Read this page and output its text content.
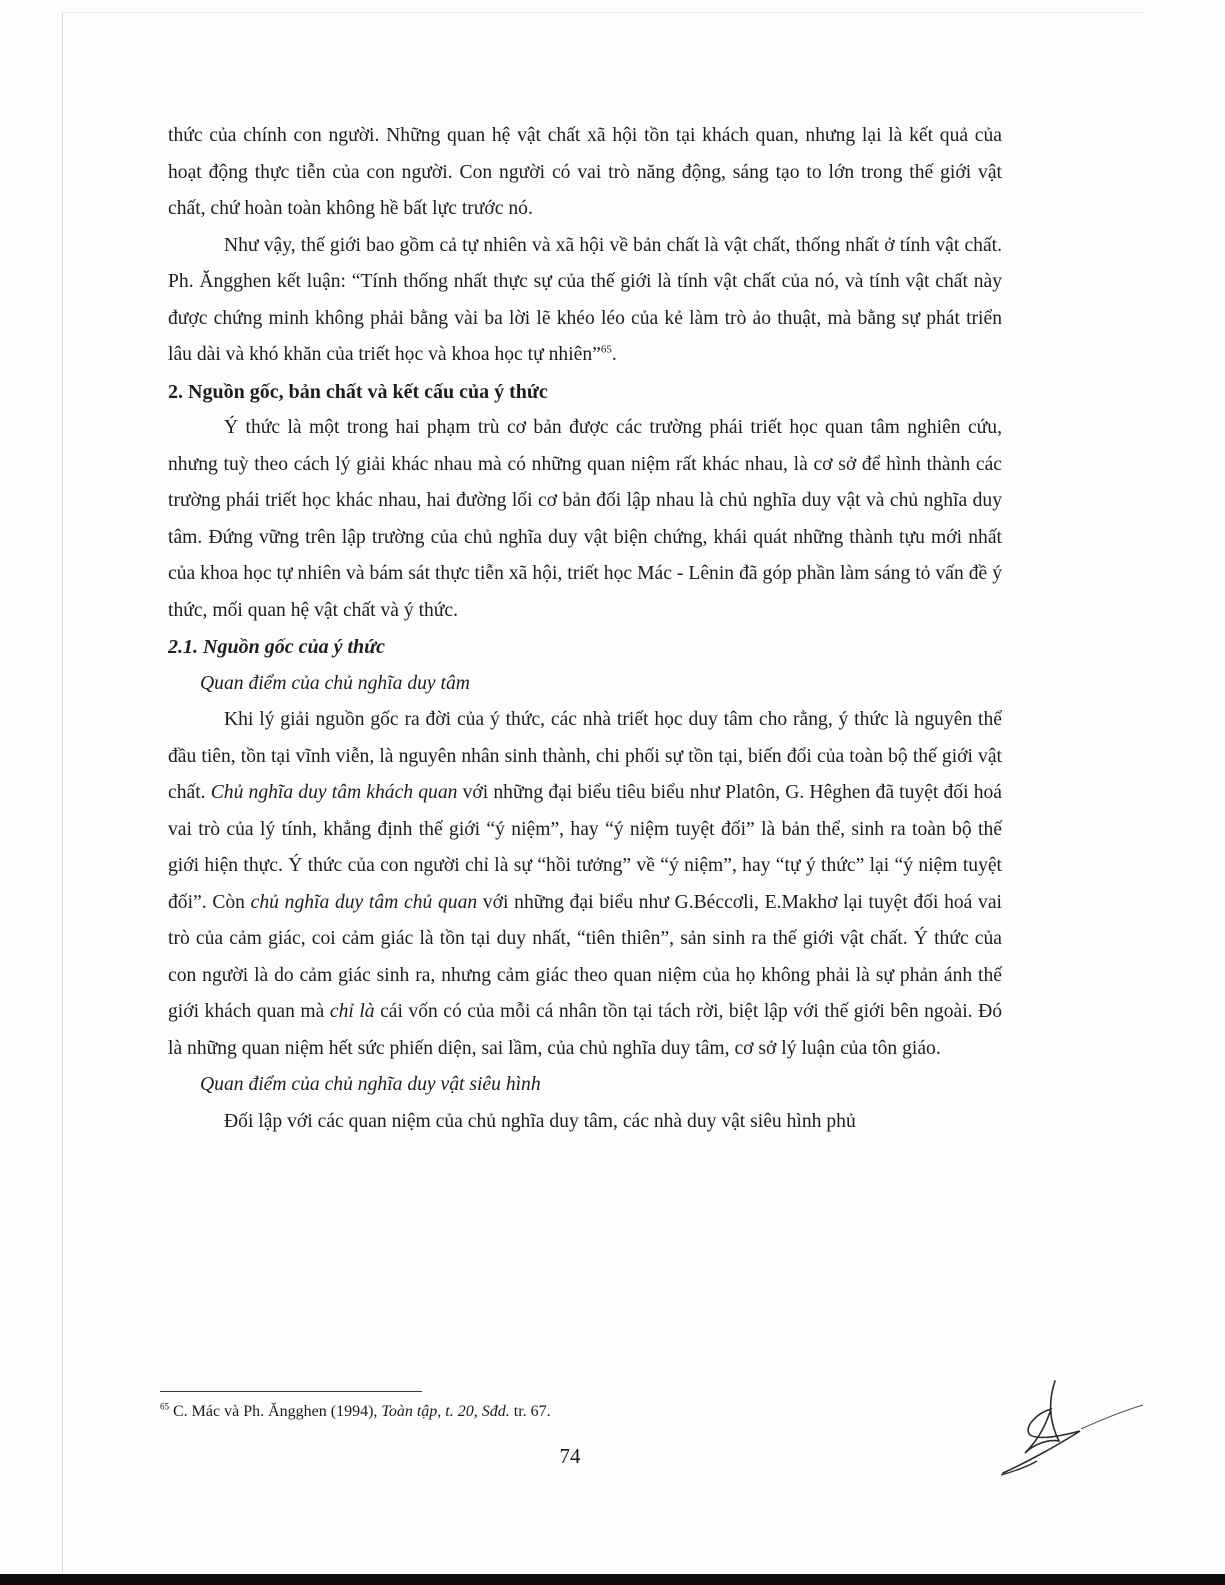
thức của chính con người. Những quan hệ vật chất xã hội tồn tại khách quan, nhưng lại là kết quả của hoạt động thực tiễn của con người. Con người có vai trò năng động, sáng tạo to lớn trong thế giới vật chất, chứ hoàn toàn không hề bất lực trước nó.

Như vậy, thế giới bao gồm cả tự nhiên và xã hội về bản chất là vật chất, thống nhất ở tính vật chất. Ph. Ăngghen kết luận: “Tính thống nhất thực sự của thế giới là tính vật chất của nó, và tính vật chất này được chứng minh không phải bằng vài ba lời lẽ khéo léo của kẻ làm trò ảo thuật, mà bằng sự phát triển lâu dài và khó khăn của triết học và khoa học tự nhiên”$^{65}$.

2. Nguồn gốc, bản chất và kết cấu của ý thức

Ý thức là một trong hai phạm trù cơ bản được các trường phái triết học quan tâm nghiên cứu, nhưng tuỳ theo cách lý giải khác nhau mà có những quan niệm rất khác nhau, là cơ sở để hình thành các trường phái triết học khác nhau, hai đường lối cơ bản đối lập nhau là chủ nghĩa duy vật và chủ nghĩa duy tâm. Đứng vững trên lập trường của chủ nghĩa duy vật biện chứng, khái quát những thành tựu mới nhất của khoa học tự nhiên và bám sát thực tiễn xã hội, triết học Mác - Lênin đã góp phần làm sáng tỏ vấn đề ý thức, mối quan hệ vật chất và ý thức.

2.1. Nguồn gốc của ý thức

Quan điểm của chủ nghĩa duy tâm

Khi lý giải nguồn gốc ra đời của ý thức, các nhà triết học duy tâm cho rằng, ý thức là nguyên thể đầu tiên, tồn tại vĩnh viễn, là nguyên nhân sinh thành, chi phối sự tồn tại, biến đổi của toàn bộ thế giới vật chất. Chủ nghĩa duy tâm khách quan với những đại biểu tiêu biểu như Platôn, G. Hêghen đã tuyệt đối hoá vai trò của lý tính, khẳng định thế giới “ý niệm”, hay “ý niệm tuyệt đối” là bản thể, sinh ra toàn bộ thế giới hiện thực. Ý thức của con người chỉ là sự “hồi tưởng” về “ý niệm”, hay “tự ý thức” lại “ý niệm tuyệt đối”. Còn chủ nghĩa duy tâm chủ quan với những đại biểu như G.Béccơli, E.Makhơ lại tuyệt đối hoá vai trò của cảm giác, coi cảm giác là tồn tại duy nhất, “tiên thiên”, sản sinh ra thế giới vật chất. Ý thức của con người là do cảm giác sinh ra, nhưng cảm giác theo quan niệm của họ không phải là sự phản ánh thế giới khách quan mà chỉ là cái vốn có của mỗi cá nhân tồn tại tách rời, biệt lập với thế giới bên ngoài. Đó là những quan niệm hết sức phiến diện, sai lầm, của chủ nghĩa duy tâm, cơ sở lý luận của tôn giáo.

Quan điểm của chủ nghĩa duy vật siêu hình

Đối lập với các quan niệm của chủ nghĩa duy tâm, các nhà duy vật siêu hình phủ

$^{65}$ C. Mác và Ph. Ăngghen (1994), Toàn tập, t. 20, Sđd. tr. 67.
74
